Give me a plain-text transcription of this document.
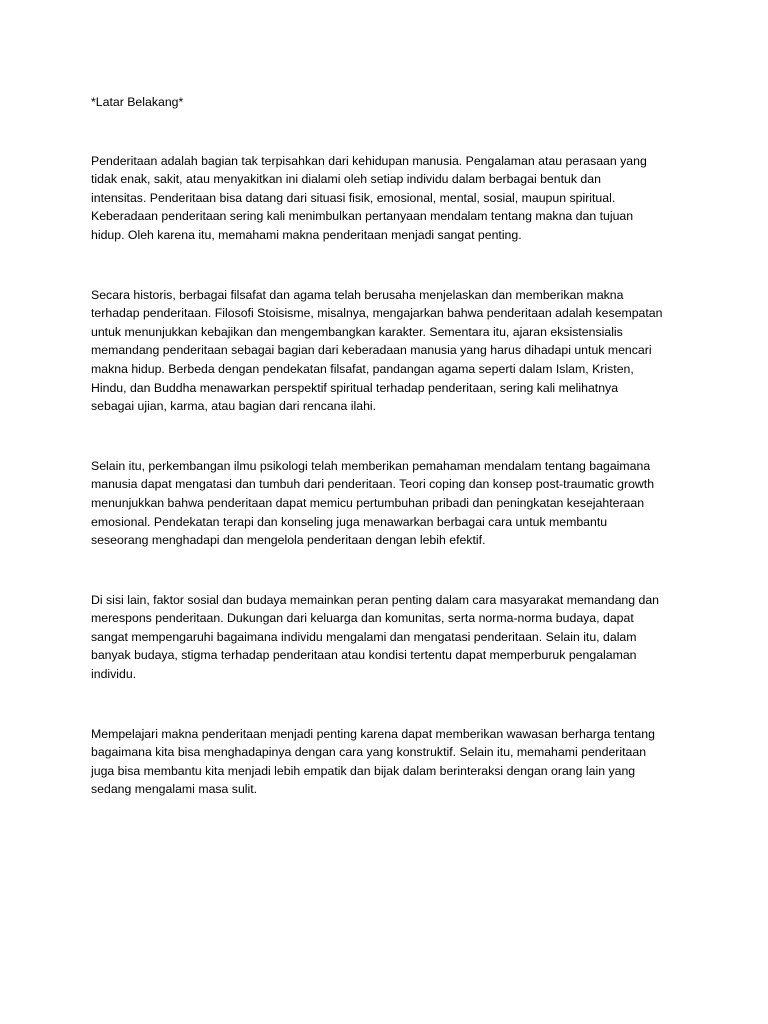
*Latar Belakang*
Penderitaan adalah bagian tak terpisahkan dari kehidupan manusia. Pengalaman atau perasaan yang
tidak enak, sakit, atau menyakitkan ini dialami oleh setiap individu dalam berbagai bentuk dan
intensitas. Penderitaan bisa datang dari situasi fisik, emosional, mental, sosial, maupun spiritual.
Keberadaan penderitaan sering kali menimbulkan pertanyaan mendalam tentang makna dan tujuan
hidup. Oleh karena itu, memahami makna penderitaan menjadi sangat penting.
Secara historis, berbagai filsafat dan agama telah berusaha menjelaskan dan memberikan makna
terhadap penderitaan. Filosofi Stoisisme, misalnya, mengajarkan bahwa penderitaan adalah kesempatan
untuk menunjukkan kebajikan dan mengembangkan karakter. Sementara itu, ajaran eksistensialis
memandang penderitaan sebagai bagian dari keberadaan manusia yang harus dihadapi untuk mencari
makna hidup. Berbeda dengan pendekatan filsafat, pandangan agama seperti dalam Islam, Kristen,
Hindu, dan Buddha menawarkan perspektif spiritual terhadap penderitaan, sering kali melihatnya
sebagai ujian, karma, atau bagian dari rencana ilahi.
Selain itu, perkembangan ilmu psikologi telah memberikan pemahaman mendalam tentang bagaimana
manusia dapat mengatasi dan tumbuh dari penderitaan. Teori coping dan konsep post-traumatic growth
menunjukkan bahwa penderitaan dapat memicu pertumbuhan pribadi dan peningkatan kesejahteraan
emosional. Pendekatan terapi dan konseling juga menawarkan berbagai cara untuk membantu
seseorang menghadapi dan mengelola penderitaan dengan lebih efektif.
Di sisi lain, faktor sosial dan budaya memainkan peran penting dalam cara masyarakat memandang dan
merespons penderitaan. Dukungan dari keluarga dan komunitas, serta norma-norma budaya, dapat
sangat mempengaruhi bagaimana individu mengalami dan mengatasi penderitaan. Selain itu, dalam
banyak budaya, stigma terhadap penderitaan atau kondisi tertentu dapat memperburuk pengalaman
individu.
Mempelajari makna penderitaan menjadi penting karena dapat memberikan wawasan berharga tentang
bagaimana kita bisa menghadapinya dengan cara yang konstruktif. Selain itu, memahami penderitaan
juga bisa membantu kita menjadi lebih empatik dan bijak dalam berinteraksi dengan orang lain yang
sedang mengalami masa sulit.
